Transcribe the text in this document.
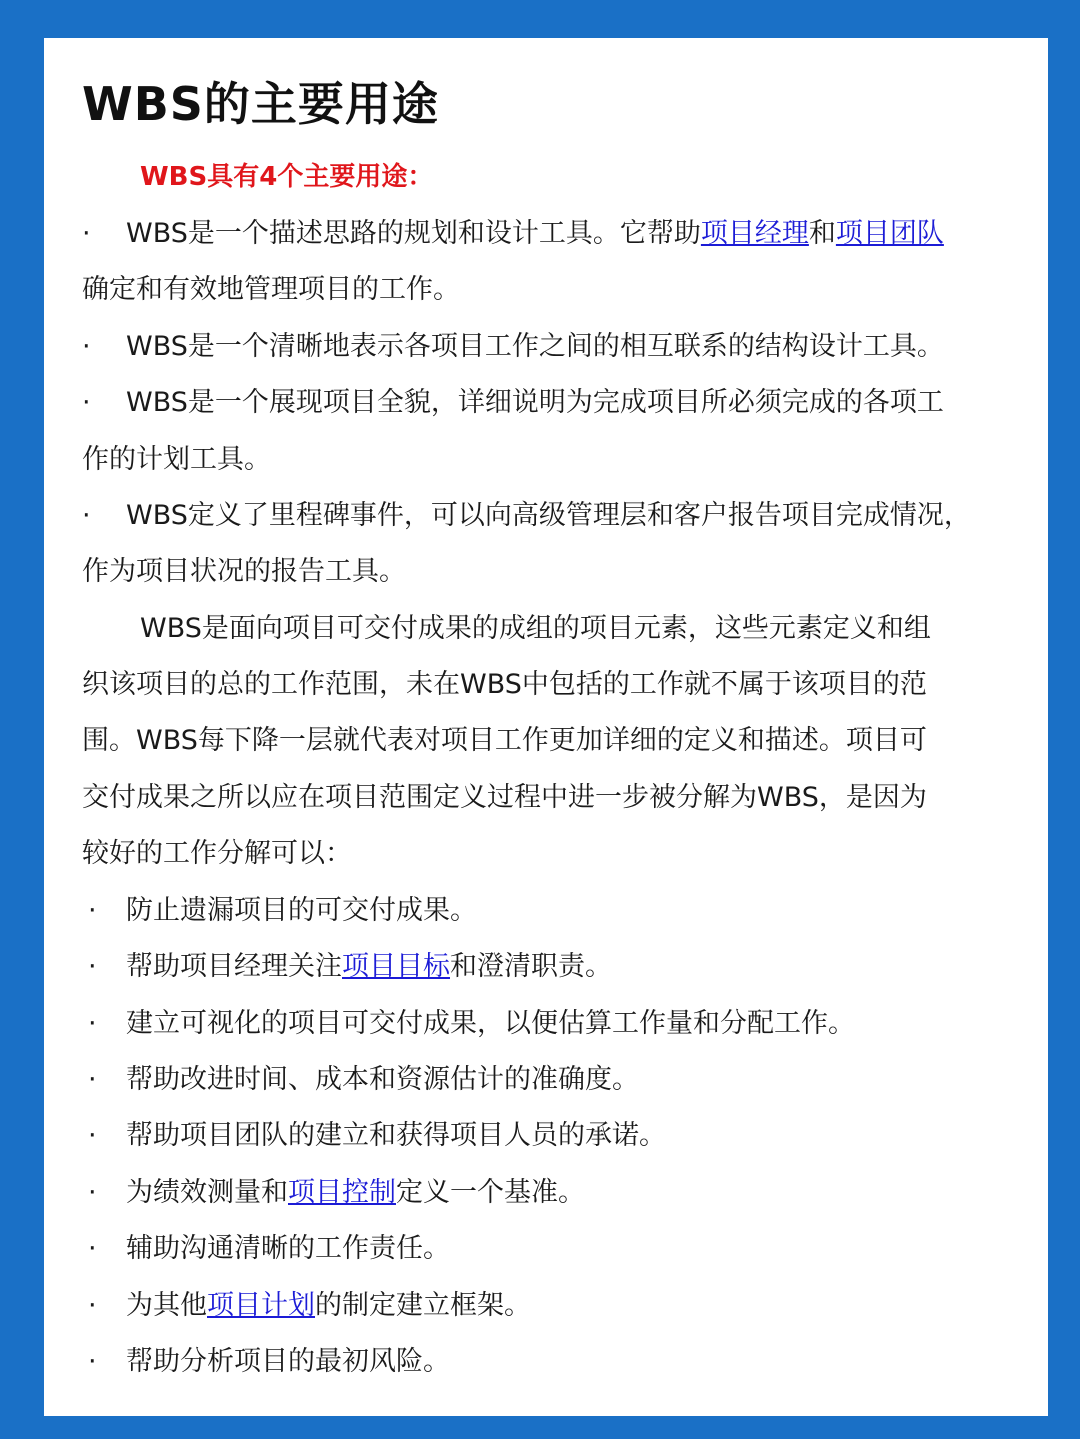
WBS的主要用途
WBS具有4个主要用途：
· WBS是一个描述思路的规划和设计工具。它帮助项目经理和项目团队
确定和有效地管理项目的工作。
· WBS是一个清晰地表示各项目工作之间的相互联系的结构设计工具。
· WBS是一个展现项目全貌，详细说明为完成项目所必须完成的各项工
作的计划工具。
· WBS定义了里程碑事件，可以向高级管理层和客户报告项目完成情况，
作为项目状况的报告工具。
WBS是面向项目可交付成果的成组的项目元素，这些元素定义和组
织该项目的总的工作范围，未在WBS中包括的工作就不属于该项目的范
围。WBS每下降一层就代表对项目工作更加详细的定义和描述。项目可
交付成果之所以应在项目范围定义过程中进一步被分解为WBS，是因为
较好的工作分解可以：
· 防止遗漏项目的可交付成果。
· 帮助项目经理关注项目目标和澄清职责。
· 建立可视化的项目可交付成果，以便估算工作量和分配工作。
· 帮助改进时间、成本和资源估计的准确度。
· 帮助项目团队的建立和获得项目人员的承诺。
· 为绩效测量和项目控制定义一个基准。
· 辅助沟通清晰的工作责任。
· 为其他项目计划的制定建立框架。
· 帮助分析项目的最初风险。
